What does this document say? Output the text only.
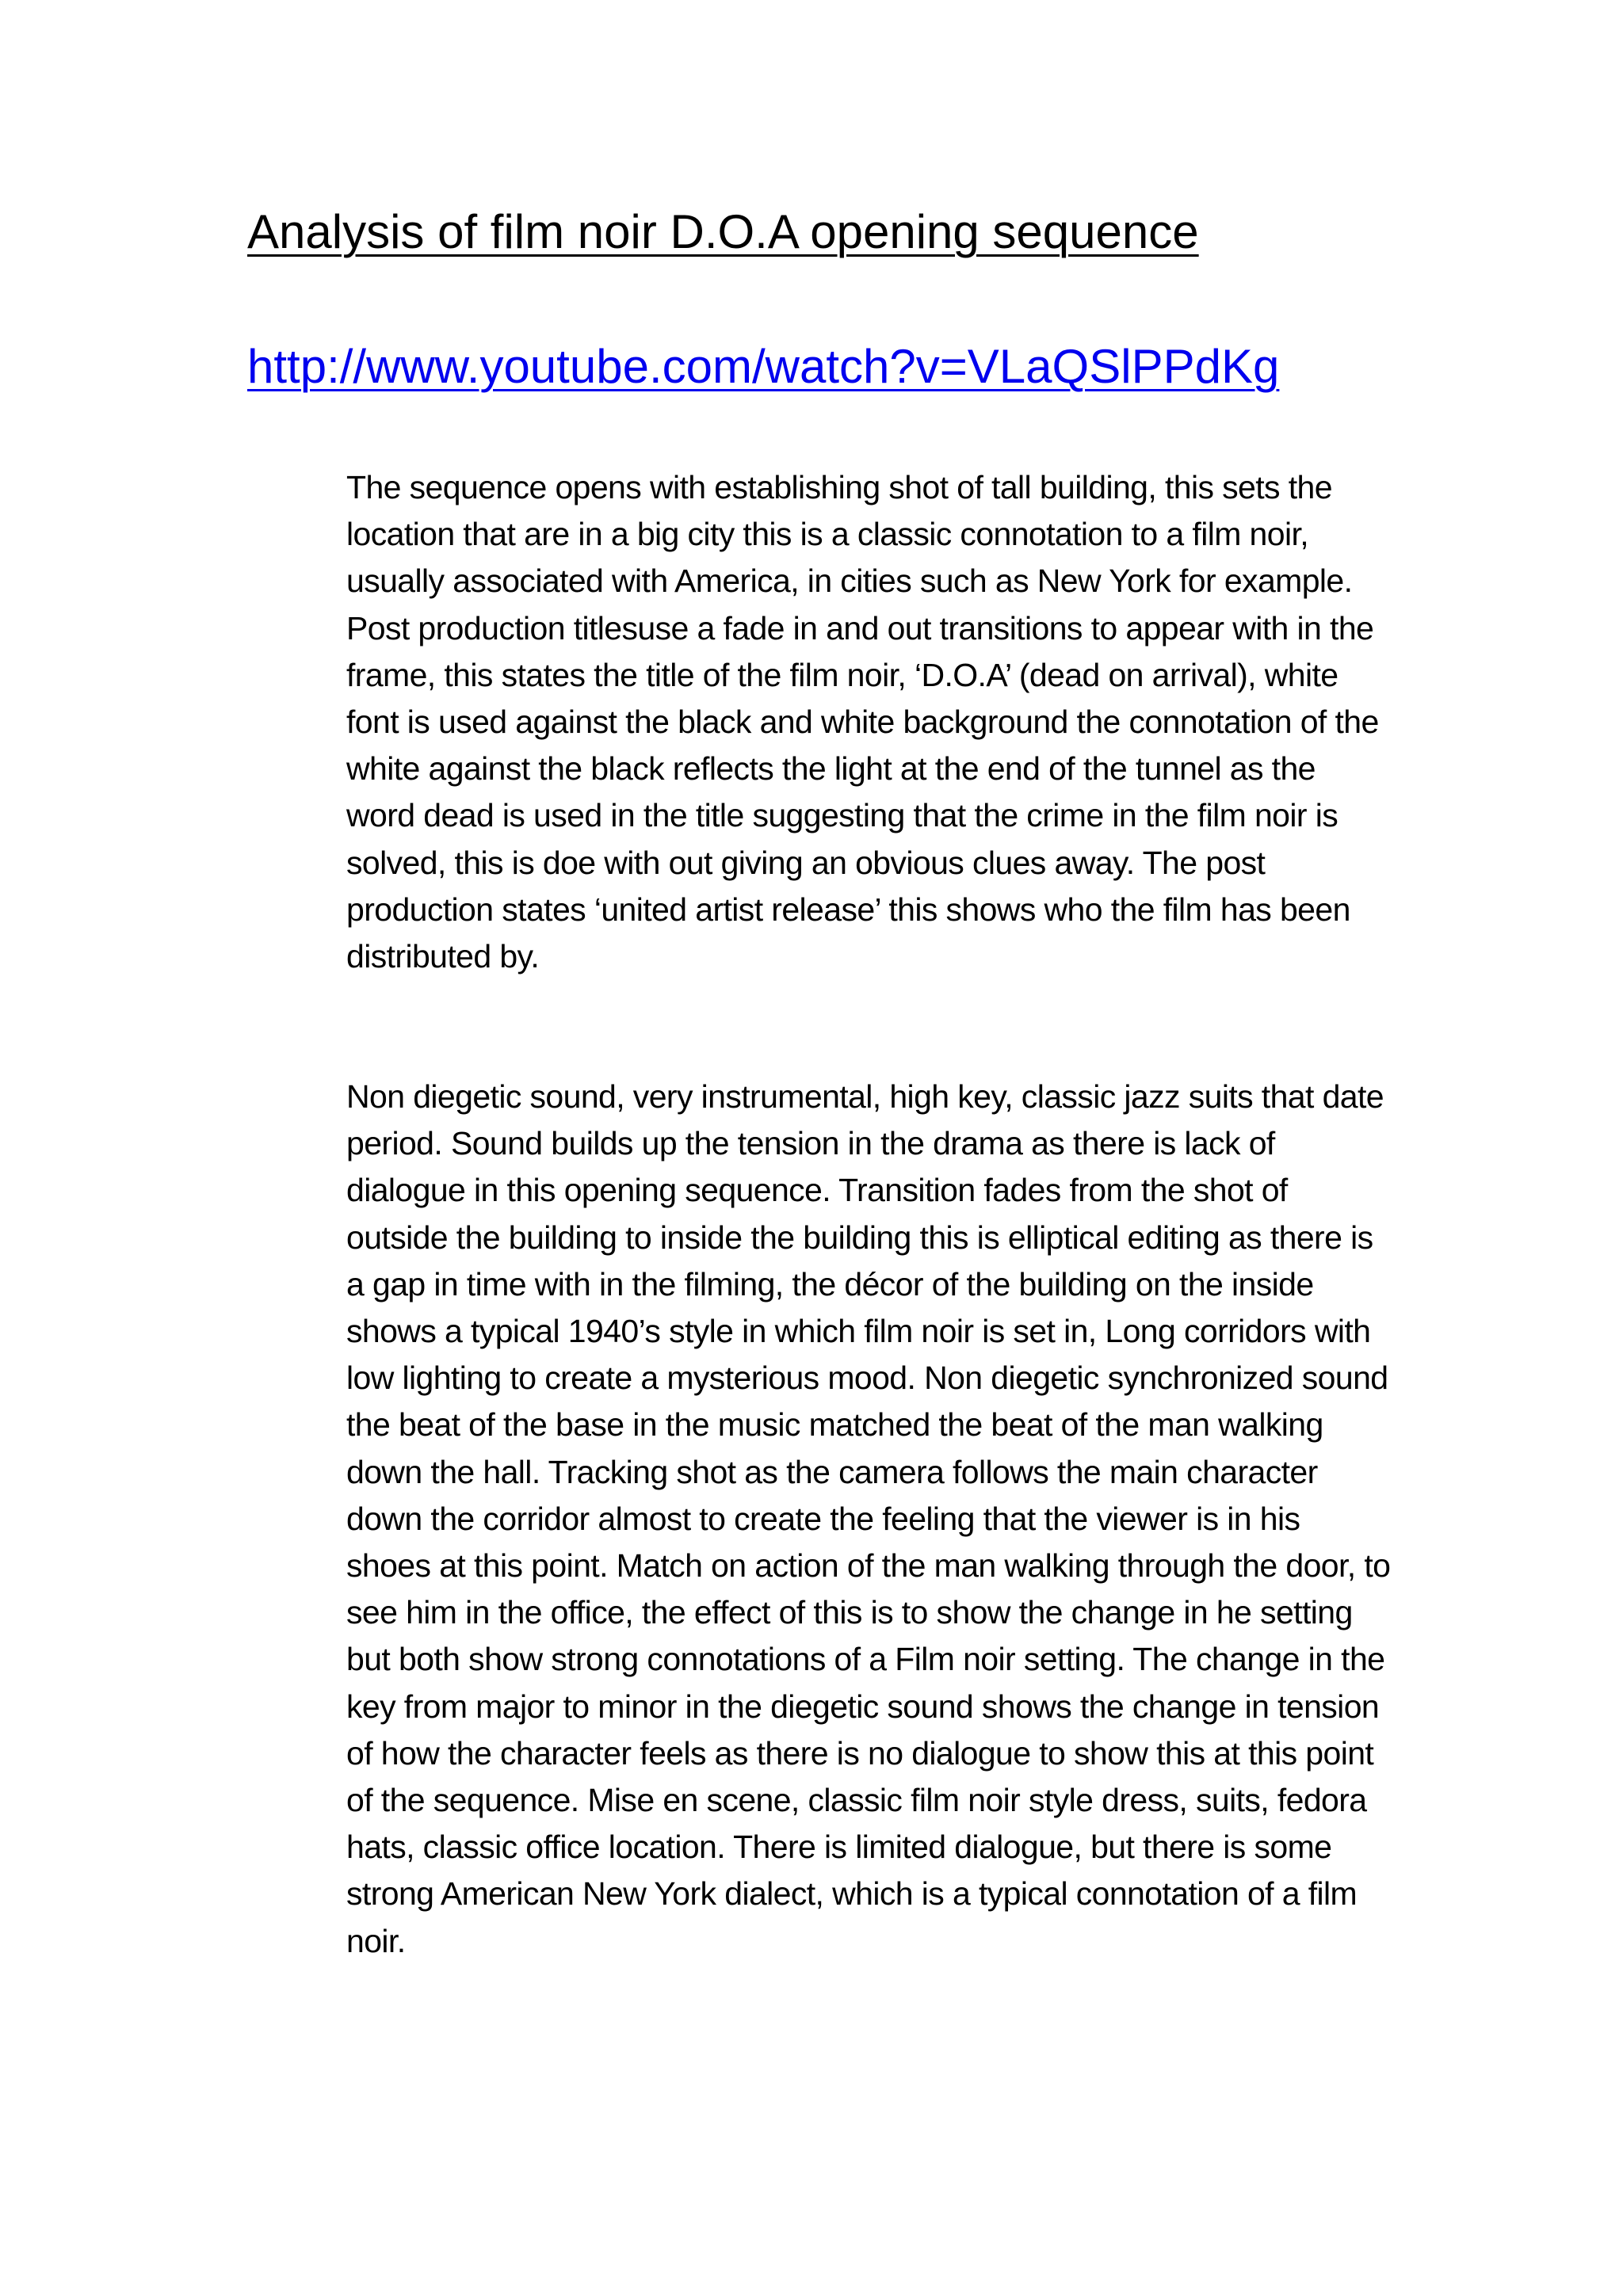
Analysis of film noir D.O.A opening sequence
http://www.youtube.com/watch?v=VLaQSlPPdKg

The sequence opens with establishing shot of tall building, this sets the location that are in a big city this is a classic connotation to a film noir, usually associated with America, in cities such as New York for example. Post production titlesuse a fade in and out transitions to appear with in the frame, this states the title of the film noir, ‘D.O.A’ (dead on arrival), white font is used against the black and white background the connotation of the white against the black reflects the light at the end of the tunnel as the word dead is used in the title suggesting that the crime in the film noir is solved, this is doe with out giving an obvious clues away. The post production states ‘united artist release’ this shows who the film has been distributed by.

Non diegetic sound, very instrumental, high key, classic jazz suits that date period. Sound builds up the tension in the drama as there is lack of dialogue in this opening sequence. Transition fades from the shot of outside the building to inside the building this is elliptical editing as there is a gap in time with in the filming, the décor of the building on the inside shows a typical 1940’s style in which film noir is set in, Long corridors with low lighting to create a mysterious mood. Non diegetic synchronized sound the beat of the base in the music matched the beat of the man walking down the hall. Tracking shot as the camera follows the main character down the corridor almost to create the feeling that the viewer is in his shoes at this point. Match on action of the man walking through the door, to see him in the office, the effect of this is to show the change in he setting but both show strong connotations of a Film noir setting. The change in the key from major to minor in the diegetic sound shows the change in tension of how the character feels as there is no dialogue to show this at this point of the sequence. Mise en scene, classic film noir style dress, suits, fedora hats, classic office location. There is limited dialogue, but there is some strong American New York dialect, which is a typical connotation of a film noir.
